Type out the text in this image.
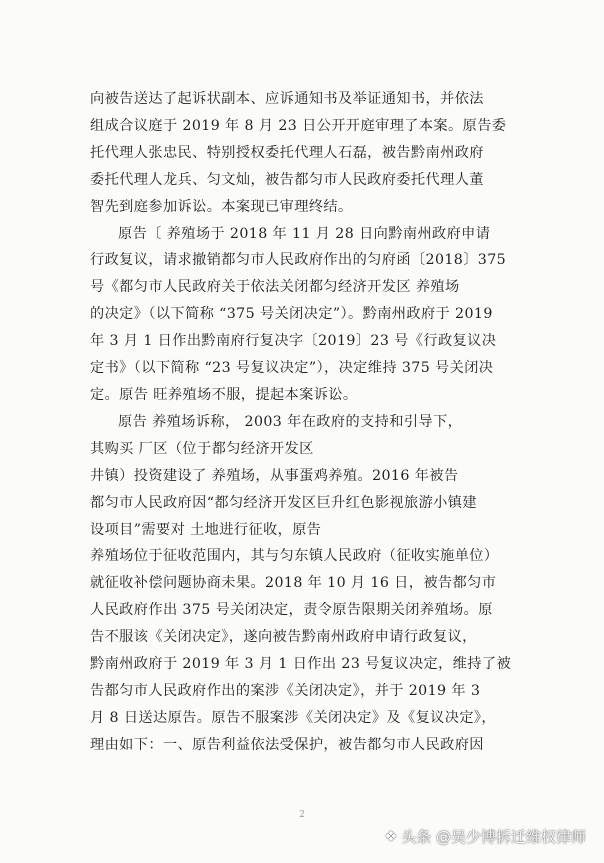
向被告送达了起诉状副本、应诉通知书及举证通知书，并依法
组成合议庭于 2019 年 8 月 23 日公开开庭审理了本案。原告委
托代理人张忠民、特别授权委托代理人石磊，被告黔南州政府
委托代理人龙兵、匀文灿，被告都匀市人民政府委托代理人董
智先到庭参加诉讼。本案现已审理终结。

原告〔 养殖场于 2018 年 11 月 28 日向黔南州政府申请
行政复议，请求撤销都匀市人民政府作出的匀府函〔2018〕375
号《都匀市人民政府关于依法关闭都匀经济开发区 养殖场
的决定》（以下简称 “375 号关闭决定”）。黔南州政府于 2019
年 3 月 1 日作出黔南府行复决字〔2019〕23 号《行政复议决
定书》（以下简称 “23 号复议决定”），决定维持 375 号关闭决
定。原告 旺养殖场不服，提起本案诉讼。

原告 养殖场诉称， 2003 年在政府的支持和引导下，
其购买 厂区（位于都匀经济开发区
井镇）投资建设了 养殖场，从事蛋鸡养殖。2016 年被告
都匀市人民政府因“都匀经济开发区巨升红色影视旅游小镇建
设项目”需要对 土地进行征收，原告
养殖场位于征收范围内，其与匀东镇人民政府（征收实施单位）
就征收补偿问题协商未果。2018 年 10 月 16 日，被告都匀市
人民政府作出 375 号关闭决定，责令原告限期关闭养殖场。原
告不服该《关闭决定》，遂向被告黔南州政府申请行政复议，
黔南州政府于 2019 年 3 月 1 日作出 23 号复议决定，维持了被
告都匀市人民政府作出的案涉《关闭决定》，并于 2019 年 3
月 8 日送达原告。原告不服案涉《关闭决定》及《复议决定》，
理由如下：一、原告利益依法受保护，被告都匀市人民政府因

2
❖ 头条 @吴少博拆迁维权律师
